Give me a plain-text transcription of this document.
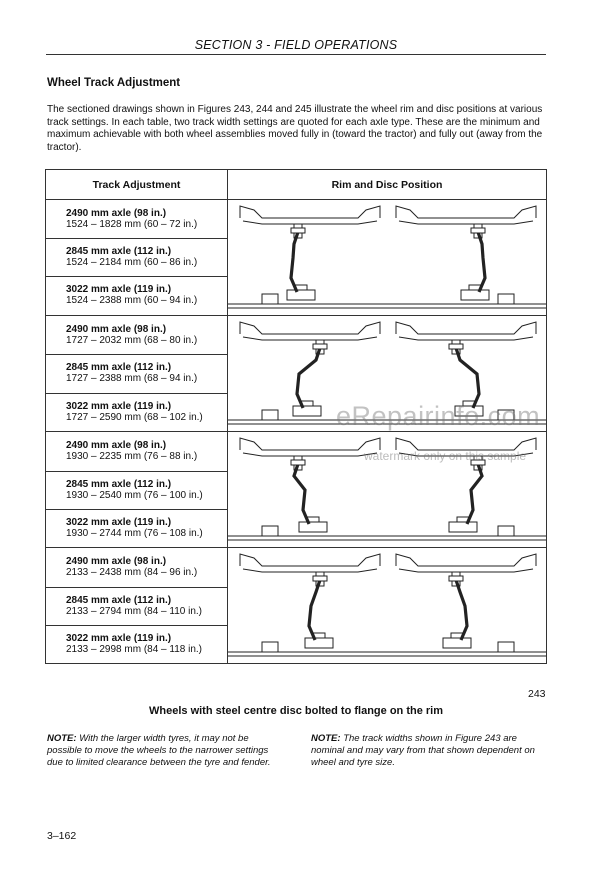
SECTION 3 - FIELD OPERATIONS
Wheel Track Adjustment
The sectioned drawings shown in Figures 243, 244 and 245 illustrate the wheel rim and disc positions at various track settings. In each table, two track width settings are quoted for each axle type. These are the minimum and maximum achievable with both wheel assemblies moved fully in (toward the tractor) and fully out (away from the tractor).
Track Adjustment	Rim and Disc Position
2490 mm axle (98 in.)
1524 – 1828 mm (60 – 72 in.)
2845 mm axle (112 in.)
1524 – 2184 mm (60 – 86 in.)
3022 mm axle (119 in.)
1524 – 2388 mm (60 – 94 in.)
2490 mm axle (98 in.)
1727 – 2032 mm (68 – 80 in.)
2845 mm axle (112 in.)
1727 – 2388 mm (68 – 94 in.)
3022 mm axle (119 in.)
1727 – 2590 mm (68 – 102 in.)
2490 mm axle (98 in.)
1930 – 2235 mm (76 – 88 in.)
2845 mm axle (112 in.)
1930 – 2540 mm (76 – 100 in.)
3022 mm axle (119 in.)
1930 – 2744 mm (76 – 108 in.)
2490 mm axle (98 in.)
2133 – 2438 mm (84 – 96 in.)
2845 mm axle (112 in.)
2133 – 2794 mm (84 – 110 in.)
3022 mm axle (119 in.)
2133 – 2998 mm (84 – 118 in.)
243
Wheels with steel centre disc bolted to flange on the rim
NOTE: With the larger width tyres, it may not be possible to move the wheels to the narrower settings due to limited clearance between the tyre and fender.
NOTE: The track widths shown in Figure 243 are nominal and may vary from that shown dependent on wheel and tyre size.
3–162
eRepairinfo.com
watermark only on this sample
